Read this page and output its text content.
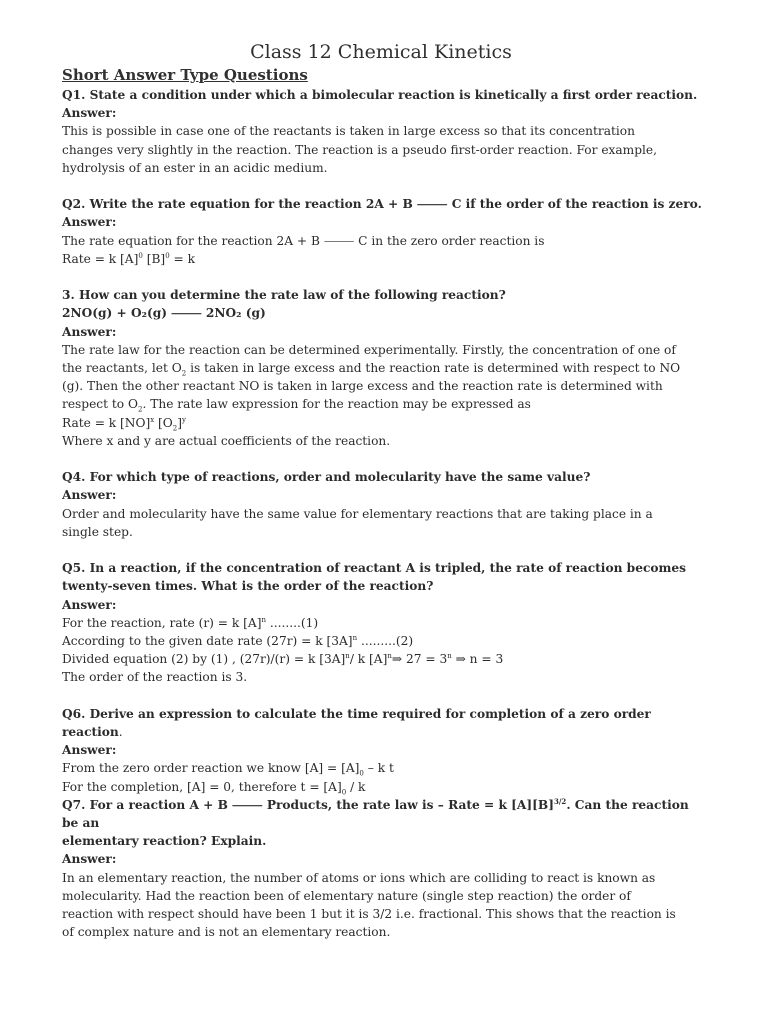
Class 12 Chemical Kinetics
Short Answer Type Questions

Q1. State a condition under which a bimolecular reaction is kinetically a first order reaction.

Answer:

This is possible in case one of the reactants is taken in large excess so that its concentration

changes very slightly in the reaction. The reaction is a pseudo first-order reaction. For example,

hydrolysis of an ester in an acidic medium.

Q2. Write the rate equation for the reaction 2A + B ⸻ C if the order of the reaction is zero.

Answer:

The rate equation for the reaction 2A + B ⸻ C in the zero order reaction is

Rate = k $[A]^0$ $[B]^0 = k$

3. How can you determine the rate law of the following reaction?

2NO(g) + O₂(g) ⸻ 2NO₂ (g)

Answer:

The rate law for the reaction can be determined experimentally. Firstly, the concentration of one of

the reactants, let $O_2$ is taken in large excess and the reaction rate is determined with respect to NO

(g). Then the other reactant NO is taken in large excess and the reaction rate is determined with

respect to $O_2$. The rate law expression for the reaction may be expressed as

Rate = k [NO]$^x$ $[O_2]^y$

Where x and y are actual coefficients of the reaction.

Q4. For which type of reactions, order and molecularity have the same value?

Answer:

Order and molecularity have the same value for elementary reactions that are taking place in a

single step.

Q5. In a reaction, if the concentration of reactant A is tripled, the rate of reaction becomes

twenty-seven times. What is the order of the reaction?

Answer:

For the reaction, rate (r) = k $[A]^n$ ........(1)

According to the given date rate (27r) = k $[3A]^n$ .........(2)

Divided equation (2) by (1) , (27r)/(r) = k $[3A]^n/$ k $[A]^n\Rightarrow$ $27 = 3^n$ ⇒ n = 3

The order of the reaction is 3.

Q6. Derive an expression to calculate the time required for completion of a zero order

reaction.

Answer:

From the zero order reaction we know $[A] = [A]_0 - k$ t

For the completion, [A] = 0, therefore $t = [A]_0 / k$

Q7. For a reaction A + B ⸻ Products, the rate law is – Rate = k $[A][B]^{3/2}$. Can the reaction be an

elementary reaction? Explain.

Answer:

In an elementary reaction, the number of atoms or ions which are colliding to react is known as

molecularity. Had the reaction been of elementary nature (single step reaction) the order of

reaction with respect should have been 1 but it is 3/2 i.e. fractional. This shows that the reaction is

of complex nature and is not an elementary reaction.
